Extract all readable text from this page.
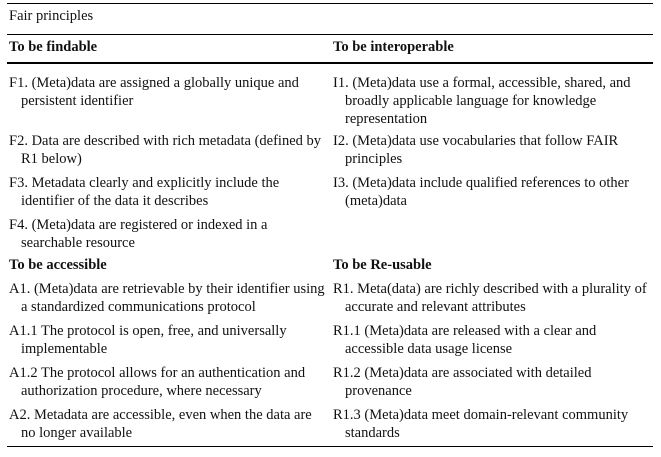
Fair principles
To be findable	To be interoperable
F1. (Meta)data are assigned a globally unique and persistent identifier
F2. Data are described with rich metadata (defined by R1 below)
F3. Metadata clearly and explicitly include the identifier of the data it describes
F4. (Meta)data are registered or indexed in a searchable resource
I1. (Meta)data use a formal, accessible, shared, and broadly applicable language for knowledge representation
I2. (Meta)data use vocabularies that follow FAIR principles
I3. (Meta)data include qualified references to other (meta)data
To be accessible	To be Re-usable
A1. (Meta)data are retrievable by their identifier using a standardized communications protocol
A1.1 The protocol is open, free, and universally implementable
A1.2 The protocol allows for an authentication and authorization procedure, where necessary
A2. Metadata are accessible, even when the data are no longer available
R1. Meta(data) are richly described with a plurality of accurate and relevant attributes
R1.1 (Meta)data are released with a clear and accessible data usage license
R1.2 (Meta)data are associated with detailed provenance
R1.3 (Meta)data meet domain-relevant community standards
